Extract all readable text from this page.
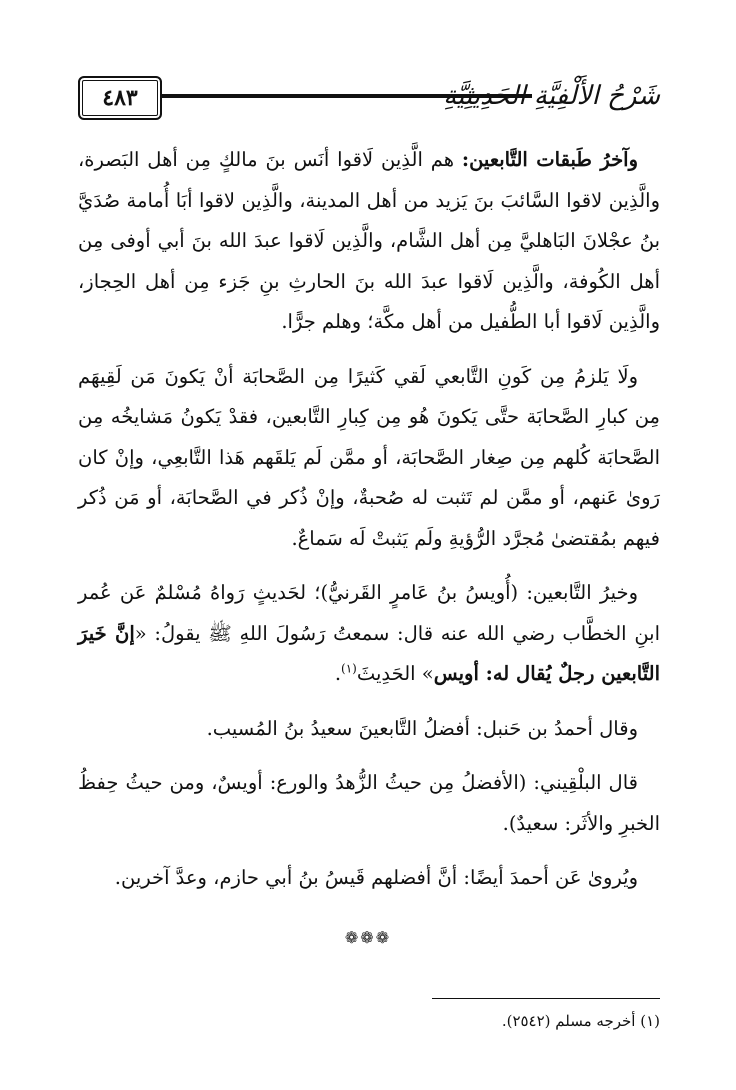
٤٨٣	شَرْحُ الأَلْفِيَّةِ الحَدِيثِيَّةِ

وآخرُ طَبقات التَّابعين: هم الَّذِين لَاقوا أنَس بنَ مالكٍ مِن أهل البَصرة، والَّذِين لاقوا السَّائبَ بنَ يَزيد من أهل المدينة، والَّذِين لاقوا أبَا أُمامة صُدَيَّ بنُ عجْلانَ البَاهليَّ مِن أهل الشَّام، والَّذِين لَاقوا عبدَ الله بنَ أبي أوفى مِن أهل الكُوفة، والَّذِين لَاقوا عبدَ الله بنَ الحارثِ بنِ جَزء مِن أهل الحِجاز، والَّذِين لَاقوا أبا الطُّفيل من أهل مكَّة؛ وهلم جرًّا.

ولَا يَلزمُ مِن كَونِ التَّابعي لَقي كَثيرًا مِن الصَّحابَة أنْ يَكونَ مَن لَقِيهَم مِن كبارِ الصَّحابَة حتَّى يَكونَ هُو مِن كِبارِ التَّابعين، فقدْ يَكونُ مَشايخُه مِن الصَّحابَة كُلهم مِن صِغار الصَّحابَة، أو ممَّن لَم يَلقَهم هَذا التَّابعِي، وإنْ كان رَوىٰ عَنهم، أو ممَّن لم تَثبت له صُحبةٌ، وإنْ ذُكر في الصَّحابَة، أو مَن ذُكر فيهم بمُقتضىٰ مُجرَّد الرُّؤيةِ ولَم يَثبتْ لَه سَماعٌ.

وخيرُ التَّابعين: (أُويسُ بنُ عَامرٍ القَرنيُّ)؛ لحَديثٍ رَواهُ مُسْلمٌ عَن عُمر ابنِ الخطَّاب رضي الله عنه قال: سمعتُ رَسُولَ اللهِ ﷺ يقولُ: «إنَّ خَيرَ التَّابعين رجلٌ يُقال له: أويس» الحَدِيثَ$^{(١)}$.

وقال أحمدُ بن حَنبل: أفضلُ التَّابعينَ سعيدُ بنُ المُسيب.

قال البلْقِيني: (الأفضلُ مِن حيثُ الزُّهدُ والورع: أويسٌ، ومن حيثُ حِفظُ الخبرِ والأثَر: سعيدٌ).

ويُروىٰ عَن أحمدَ أيضًا: أنَّ أفضلهم قَيسُ بنُ أبي حازم، وعدَّ آخرين.

❁❁❁
(١) أخرجه مسلم (٢٥٤٢).
